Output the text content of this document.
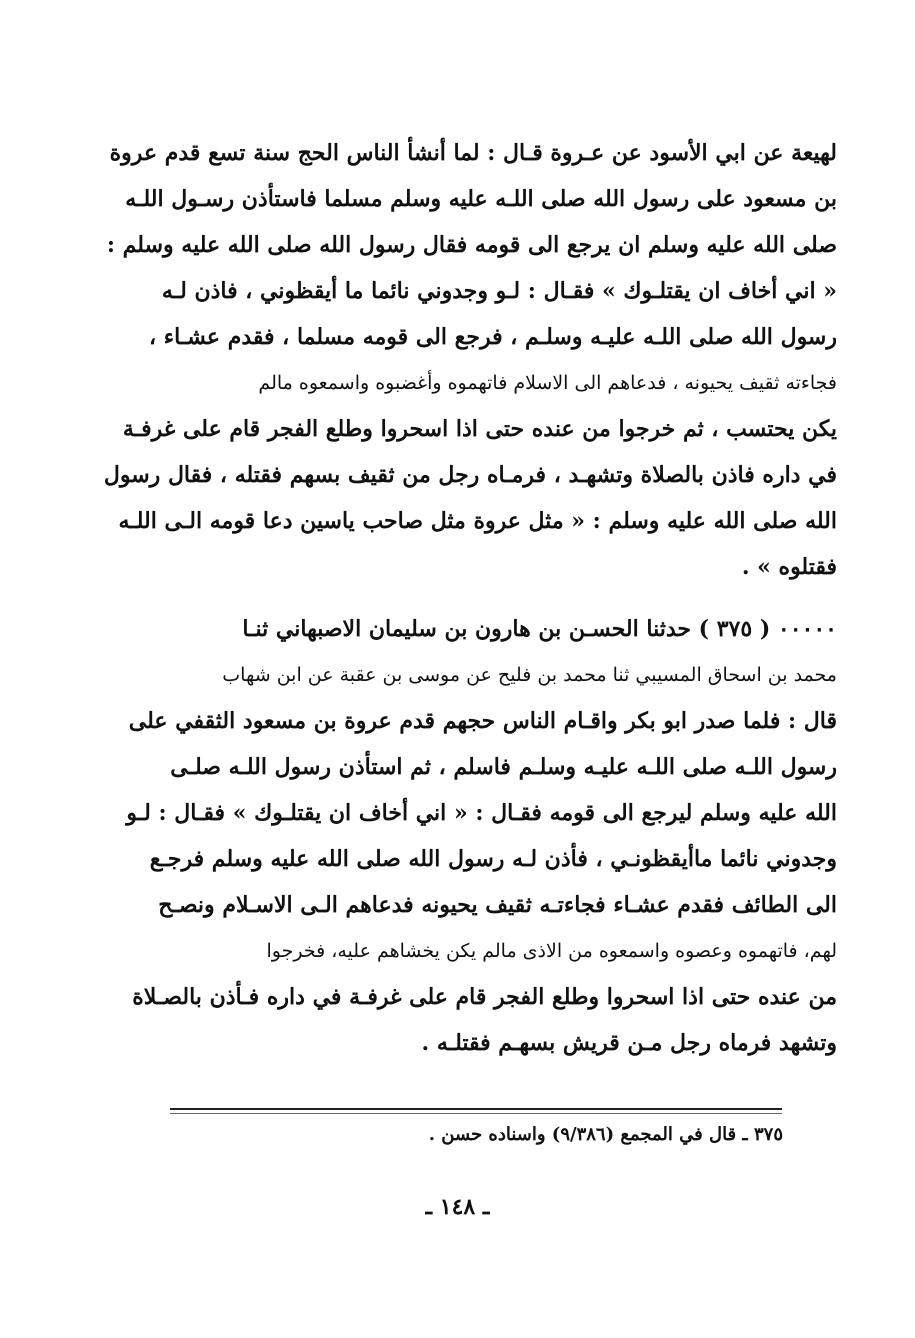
لهيعة عن ابي الأسود عن عـروة قـال : لما أنشأ الناس الحج سنة تسع قدم عروة
بن مسعود على رسول الله صلى اللـه عليه وسلم مسلما فاستأذن رسـول اللـه
صلى الله عليه وسلم ان يرجع الى قومه فقال رسول الله صلى الله عليه وسلم :
« اني أخاف ان يقتلـوك » فقـال : لـو وجدوني نائما ما أيقظوني ، فاذن لـه
رسول الله صلى اللـه عليـه وسلـم ، فرجع الى قومه مسلما ، فقدم عشـاء ،
فجاءته ثقيف يحيونه ، فدعاهم الى الاسلام فاتهموه وأغضبوه واسمعوه مالم
يكن يحتسب ، ثم خرجوا من عنده حتى اذا اسحروا وطلع الفجر قام على غرفـة
في داره فاذن بالصلاة وتشهـد ، فرمـاه رجل من ثقيف بسهم فقتله ، فقال رسول
الله صلى الله عليه وسلم : « مثل عروة مثل صاحب ياسين دعا قومه الـى اللـه
فقتلوه » .
٠٠٠٠٠ ( ٣٧٥ ) حدثنا الحسـن بن هارون بن سليمان الاصبهاني ثنـا
محمد بن اسحاق المسيبي ثنا محمد بن فليح عن موسى بن عقبة عن ابن شهاب
قال : فلما صدر ابو بكر واقـام الناس حجهم قدم عروة بن مسعود الثقفي على
رسول اللـه صلى اللـه عليـه وسلـم فاسلم ، ثم استأذن رسول اللـه صلـى
الله عليه وسلم ليرجع الى قومه فقـال : « اني أخاف ان يقتلـوك » فقـال : لـو
وجدوني نائما ماأيقظونـي ، فأذن لـه رسول الله صلى الله عليه وسلم فرجـع
الى الطائف فقدم عشـاء فجاءتـه ثقيف يحيونه فدعاهم الـى الاسـلام ونصـح
لهم، فاتهموه وعصوه واسمعوه من الاذى مالم يكن يخشاهم عليه، فخرجوا
من عنده حتى اذا اسحروا وطلع الفجر قام على غرفـة في داره فـأذن بالصـلاة
وتشهد فرماه رجل مـن قريش بسهـم فقتلـه .
٣٧٥ ـ قال في المجمع (٩/٣٨٦) واسناده حسن .
ـ ١٤٨ ـ
